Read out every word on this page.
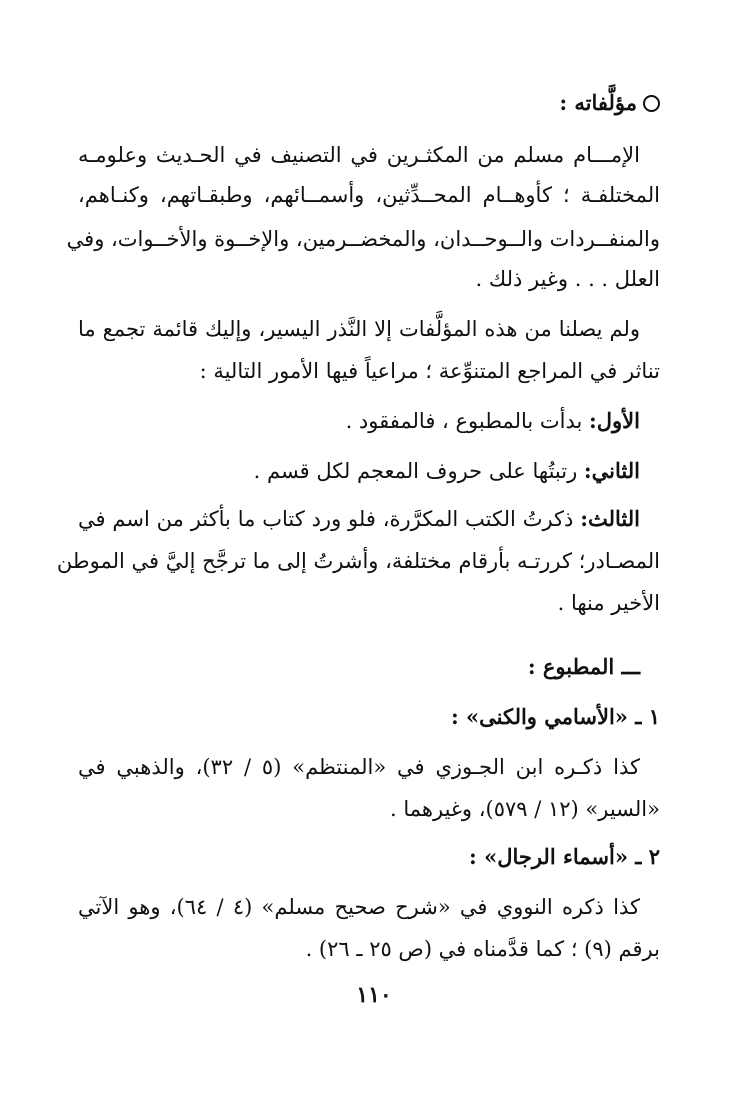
مؤلَّفاته :
الإمـــام مسلم من المكثـرين في التصنيف في الحـديث وعلومـه
المختلفـة ؛ كأوهــام المحــدِّثين، وأسمــائهم، وطبقـاتهم، وكنـاهم،
والمنفــردات والــوحــدان، والمخضــرمين، والإخــوة والأخــوات، وفي
العلل . . . وغير ذلك .
ولم يصلنا من هذه المؤلَّفات إلا النَّذر اليسير، وإليك قائمة تجمع ما
تناثر في المراجع المتنوِّعة ؛ مراعياً فيها الأمور التالية :
الأول: بدأت بالمطبوع ، فالمفقود .
الثاني: رتبتُها على حروف المعجم لكل قسم .
الثالث: ذكرتُ الكتب المكرَّرة، فلو ورد كتاب ما بأكثر من اسم في
المصـادر؛ كررتـه بأرقام مختلفة، وأشرتُ إلى ما ترجَّح إليَّ في الموطن
الأخير منها .
ـــ المطبوع :
١ ـ «الأسامي والكنى» :
كذا ذكـره ابن الجـوزي في «المنتظم» (٥ / ٣٢)، والذهبي في
«السير» (١٢ / ٥٧٩)، وغيرهما .
٢ ـ «أسماء الرجال» :
كذا ذكره النووي في «شرح صحيح مسلم» (٤ / ٦٤)، وهو الآتي
برقم (٩) ؛ كما قدَّمناه في (ص ٢٥ ـ ٢٦) .
١١٠
